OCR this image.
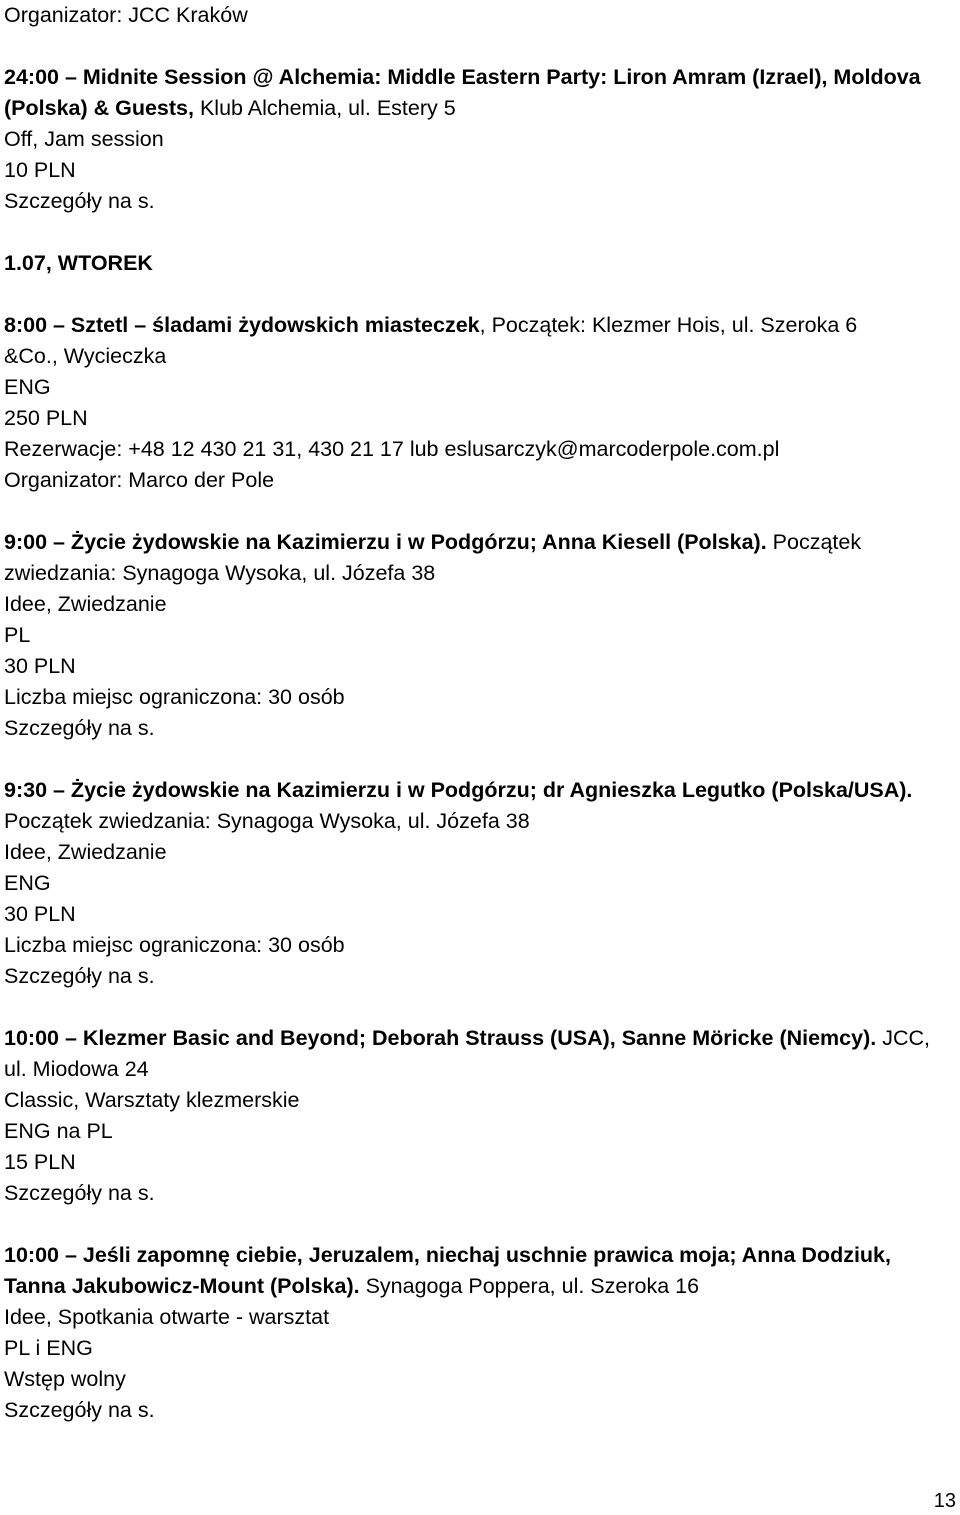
Organizator: JCC Kraków
24:00 – Midnite Session @ Alchemia: Middle Eastern Party: Liron Amram (Izrael), Moldova
(Polska) & Guests, Klub Alchemia, ul. Estery 5
Off, Jam session
10 PLN
Szczegóły na s.
1.07, WTOREK
8:00 – Sztetl – śladami żydowskich miasteczek, Początek: Klezmer Hois, ul. Szeroka 6
&Co., Wycieczka
ENG
250 PLN
Rezerwacje: +48 12 430 21 31, 430 21 17 lub eslusarczyk@marcoderpole.com.pl
Organizator: Marco der Pole
9:00 – Życie żydowskie na Kazimierzu i w Podgórzu; Anna Kiesell (Polska). Początek
zwiedzania: Synagoga Wysoka, ul. Józefa 38
Idee, Zwiedzanie
PL
30 PLN
Liczba miejsc ograniczona: 30 osób
Szczegóły na s.
9:30 – Życie żydowskie na Kazimierzu i w Podgórzu; dr Agnieszka Legutko (Polska/USA).
Początek zwiedzania: Synagoga Wysoka, ul. Józefa 38
Idee, Zwiedzanie
ENG
30 PLN
Liczba miejsc ograniczona: 30 osób
Szczegóły na s.
10:00 – Klezmer Basic and Beyond; Deborah Strauss (USA), Sanne Möricke (Niemcy). JCC,
ul. Miodowa 24
Classic, Warsztaty klezmerskie
ENG na PL
15 PLN
Szczegóły na s.
10:00 – Jeśli zapomnę ciebie, Jeruzalem, niechaj uschnie prawica moja; Anna Dodziuk,
Tanna Jakubowicz-Mount (Polska). Synagoga Poppera, ul. Szeroka 16
Idee, Spotkania otwarte - warsztat
PL i ENG
Wstęp wolny
Szczegóły na s.
13
